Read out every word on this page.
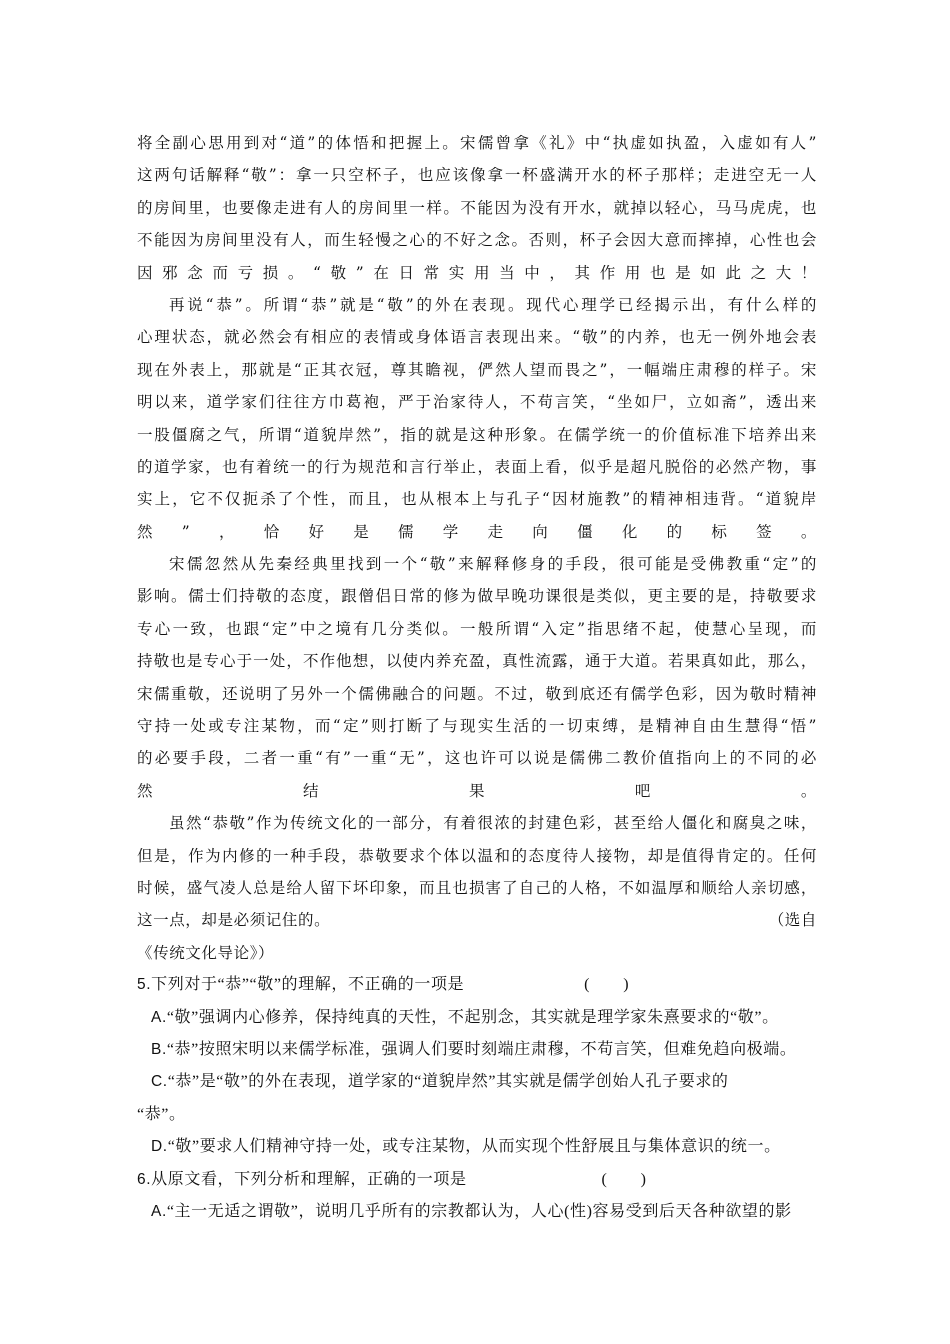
将全副心思用到对“道”的体悟和把握上。宋儒曾拿《礼》中“执虚如执盈，入虚如有人”
这两句话解释“敬”：拿一只空杯子，也应该像拿一杯盛满开水的杯子那样；走进空无一人
的房间里，也要像走进有人的房间里一样。不能因为没有开水，就掉以轻心，马马虎虎，也
不能因为房间里没有人，而生轻慢之心的不好之念。否则，杯子会因大意而摔掉，心性也会
因邪念而亏损。“敬”在日常实用当中，其作用也是如此之大！
再说“恭”。所谓“恭”就是“敬”的外在表现。现代心理学已经揭示出，有什么样的
心理状态，就必然会有相应的表情或身体语言表现出来。“敬”的内养，也无一例外地会表
现在外表上，那就是“正其衣冠，尊其瞻视，俨然人望而畏之”，一幅端庄肃穆的样子。宋
明以来，道学家们往往方巾葛袍，严于治家待人，不苟言笑，“坐如尸，立如斋”，透出来
一股僵腐之气，所谓“道貌岸然”，指的就是这种形象。在儒学统一的价值标准下培养出来
的道学家，也有着统一的行为规范和言行举止，表面上看，似乎是超凡脱俗的必然产物，事
实上，它不仅扼杀了个性，而且，也从根本上与孔子“因材施教”的精神相违背。“道貌岸
然”，恰好是儒学走向僵化的标签。
宋儒忽然从先秦经典里找到一个“敬”来解释修身的手段，很可能是受佛教重“定”的
影响。儒士们持敬的态度，跟僧侣日常的修为做早晚功课很是类似，更主要的是，持敬要求
专心一致，也跟“定”中之境有几分类似。一般所谓“入定”指思绪不起，使慧心呈现，而
持敬也是专心于一处，不作他想，以使内养充盈，真性流露，通于大道。若果真如此，那么，
宋儒重敬，还说明了另外一个儒佛融合的问题。不过，敬到底还有儒学色彩，因为敬时精神
守持一处或专注某物，而“定”则打断了与现实生活的一切束缚，是精神自由生慧得“悟”
的必要手段，二者一重“有”一重“无”，这也许可以说是儒佛二教价值指向上的不同的必
然结果吧。
虽然“恭敬”作为传统文化的一部分，有着很浓的封建色彩，甚至给人僵化和腐臭之味，
但是，作为内修的一种手段，恭敬要求个体以温和的态度待人接物，却是值得肯定的。任何
时候，盛气凌人总是给人留下坏印象，而且也损害了自己的人格，不如温厚和顺给人亲切感，
这一点，却是必须记住的。	（选自
《传统文化导论》）
5.下列对于“恭”“敬”的理解，不正确的一项是	(　　)
A.“敬”强调内心修养，保持纯真的天性，不起别念，其实就是理学家朱熹要求的“敬”。
B.“恭”按照宋明以来儒学标准，强调人们要时刻端庄肃穆，不苟言笑，但难免趋向极端。
C.“恭”是“敬”的外在表现，道学家的“道貌岸然”其实就是儒学创始人孔子要求的
“恭”。
D.“敬”要求人们精神守持一处，或专注某物，从而实现个性舒展且与集体意识的统一。
6.从原文看，下列分析和理解，正确的一项是	(　　)
A.“主一无适之谓敬”，说明几乎所有的宗教都认为，人心(性)容易受到后天各种欲望的影
